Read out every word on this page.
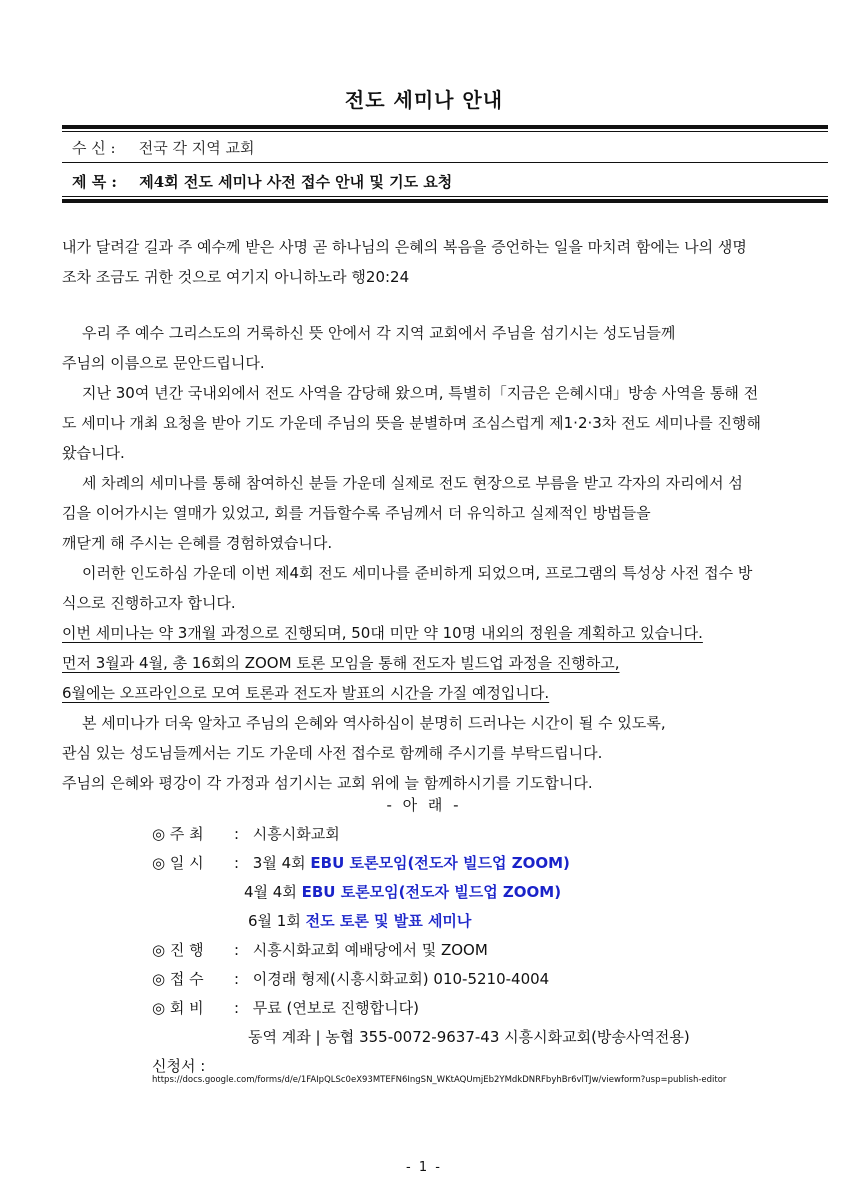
전도 세미나 안내
수 신 : 전국 각 지역 교회
제 목 : 제4회 전도 세미나 사전 접수 안내 및 기도 요청
내가 달려갈 길과 주 예수께 받은 사명 곧 하나님의 은혜의 복음을 증언하는 일을 마치려 함에는 나의 생명
조차 조금도 귀한 것으로 여기지 아니하노라 행20:24
우리 주 예수 그리스도의 거룩하신 뜻 안에서 각 지역 교회에서 주님을 섬기시는 성도님들께
주님의 이름으로 문안드립니다.
지난 30여 년간 국내외에서 전도 사역을 감당해 왔으며, 특별히「지금은 은혜시대」방송 사역을 통해 전
도 세미나 개최 요청을 받아 기도 가운데 주님의 뜻을 분별하며 조심스럽게 제1·2·3차 전도 세미나를 진행해
왔습니다.
세 차례의 세미나를 통해 참여하신 분들 가운데 실제로 전도 현장으로 부름을 받고 각자의 자리에서 섬
김을 이어가시는 열매가 있었고, 회를 거듭할수록 주님께서 더 유익하고 실제적인 방법들을
깨닫게 해 주시는 은혜를 경험하였습니다.
이러한 인도하심 가운데 이번 제4회 전도 세미나를 준비하게 되었으며, 프로그램의 특성상 사전 접수 방
식으로 진행하고자 합니다.
이번 세미나는 약 3개월 과정으로 진행되며, 50대 미만 약 10명 내외의 정원을 계획하고 있습니다.
먼저 3월과 4월, 총 16회의 ZOOM 토론 모임을 통해 전도자 빌드업 과정을 진행하고,
6월에는 오프라인으로 모여 토론과 전도자 발표의 시간을 가질 예정입니다.
본 세미나가 더욱 알차고 주님의 은혜와 역사하심이 분명히 드러나는 시간이 될 수 있도록,
관심 있는 성도님들께서는 기도 가운데 사전 접수로 함께해 주시기를 부탁드립니다.
주님의 은혜와 평강이 각 가정과 섬기시는 교회 위에 늘 함께하시기를 기도합니다.
- 아 래 -
◎ 주 최 : 시흥시화교회
◎ 일 시 : 3월 4회 EBU 토론모임(전도자 빌드업 ZOOM)
4월 4회 EBU 토론모임(전도자 빌드업 ZOOM)
6월 1회 전도 토론 및 발표 세미나
◎ 진 행 : 시흥시화교회 예배당에서 및 ZOOM
◎ 접 수 : 이경래 형제(시흥시화교회) 010-5210-4004
◎ 회 비 : 무료 (연보로 진행합니다)
동역 계좌 | 농협 355-0072-9637-43 시흥시화교회(방송사역전용)
신청서 :
https://docs.google.com/forms/d/e/1FAIpQLSc0eX93MTEFN6IngSN_WKtAQUmjEb2YMdkDNRFbyhBr6vlTJw/viewform?usp=publish-editor
- 1 -
